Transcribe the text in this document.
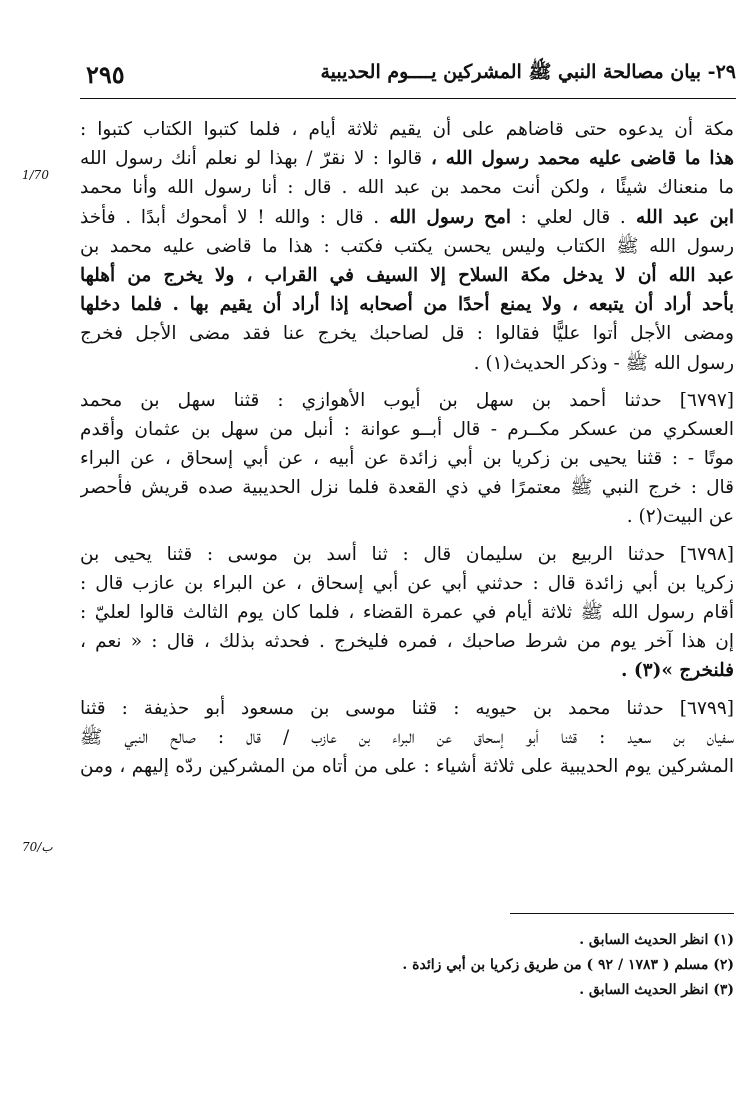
٢٩٥	٢٩- بيان مصالحة النبي ﷺ المشركين يــــوم الحديبية
1/70
70/ب
مكة أن يدعوه حتى قاضاهم على أن يقيم ثلاثة أيام ، فلما كتبوا الكتاب كتبوا :
هذا ما قاضى عليه محمد رسول الله ، قالوا : لا نقرّ / بهذا لو نعلم أنك رسول الله
ما منعناك شيئًا ، ولكن أنت محمد بن عبد الله . قال : أنا رسول الله وأنا محمد
ابن عبد الله . قال لعلي : امح رسول الله . قال : والله ! لا أمحوك أبدًا . فأخذ
رسول الله ﷺ الكتاب وليس يحسن يكتب فكتب : هذا ما قاضى عليه محمد بن
عبد الله أن لا يدخل مكة السلاح إلا السيف في القراب ، ولا يخرج من أهلها
بأحد أراد أن يتبعه ، ولا يمنع أحدًا من أصحابه إذا أراد أن يقيم بها . فلما دخلها
ومضى الأجل أتوا عليًّا فقالوا : قل لصاحبك يخرج عنا فقد مضى الأجل فخرج
رسول الله ﷺ - وذكر الحديث(١) .
[٦٧٩٧] حدثنا أحمد بن سهل بن أيوب الأهوازي : قثنا سهل بن محمد
العسكري من عسكر مكــرم - قال أبــو عوانة : أنبل من سهل بن عثمان وأقدم
موتًا - : قثنا يحيى بن زكريا بن أبي زائدة عن أبيه ، عن أبي إسحاق ، عن البراء
قال : خرج النبي ﷺ معتمرًا في ذي القعدة فلما نزل الحديبية صده قريش فأُحصر
عن البيت(٢) .
[٦٧٩٨] حدثنا الربيع بن سليمان قال : ثنا أسد بن موسى : قثنا يحيى بن
زكريا بن أبي زائدة قال : حدثني أبي عن أبي إسحاق ، عن البراء بن عازب قال :
أقام رسول الله ﷺ ثلاثة أيام في عمرة القضاء ، فلما كان يوم الثالث قالوا لعليّ :
إن هذا آخر يوم من شرط صاحبك ، فمره فليخرج . فحدثه بذلك ، قال : « نعم ،
فلنخرج »(٣) .
[٦٧٩٩] حدثنا محمد بن حيويه : قثنا موسى بن مسعود أبو حذيفة : قثنا
سفيان بن سعيد : قثنا أبو إسحاق عن البراء بن عازب / قال : صالح النبي ﷺ
المشركين يوم الحديبية على ثلاثة أشياء : على من أتاه من المشركين ردّه إليهم ، ومن
(١) انظر الحديث السابق .
(٢) مسلم ( ١٧٨٣ / ٩٢ ) من طريق زكريا بن أبي زائدة .
(٣) انظر الحديث السابق .
